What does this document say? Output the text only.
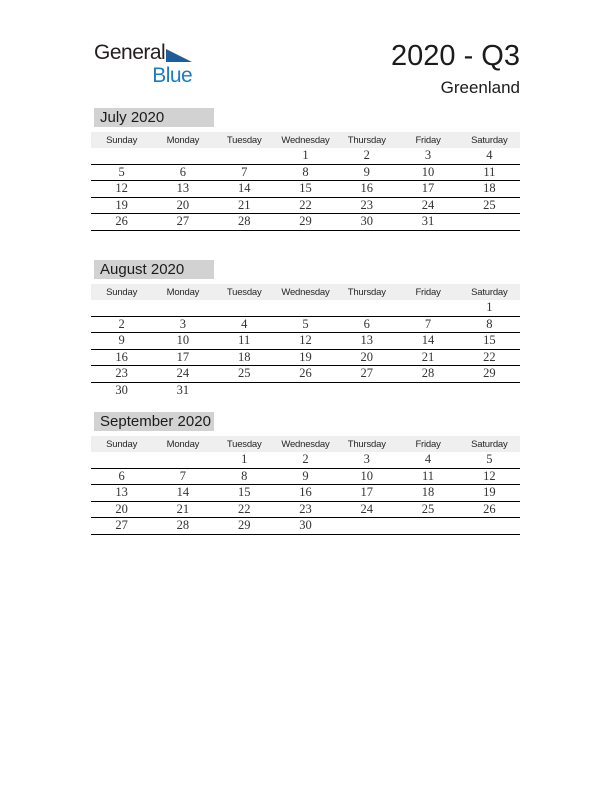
General
Blue
2020 - Q3
Greenland
July 2020
Sunday	Monday	Tuesday	Wednesday	Thursday	Friday	Saturday
			1	2	3	4
5	6	7	8	9	10	11
12	13	14	15	16	17	18
19	20	21	22	23	24	25
26	27	28	29	30	31	
August 2020
Sunday	Monday	Tuesday	Wednesday	Thursday	Friday	Saturday
						1
2	3	4	5	6	7	8
9	10	11	12	13	14	15
16	17	18	19	20	21	22
23	24	25	26	27	28	29
30	31					
September 2020
Sunday	Monday	Tuesday	Wednesday	Thursday	Friday	Saturday
		1	2	3	4	5
6	7	8	9	10	11	12
13	14	15	16	17	18	19
20	21	22	23	24	25	26
27	28	29	30			
